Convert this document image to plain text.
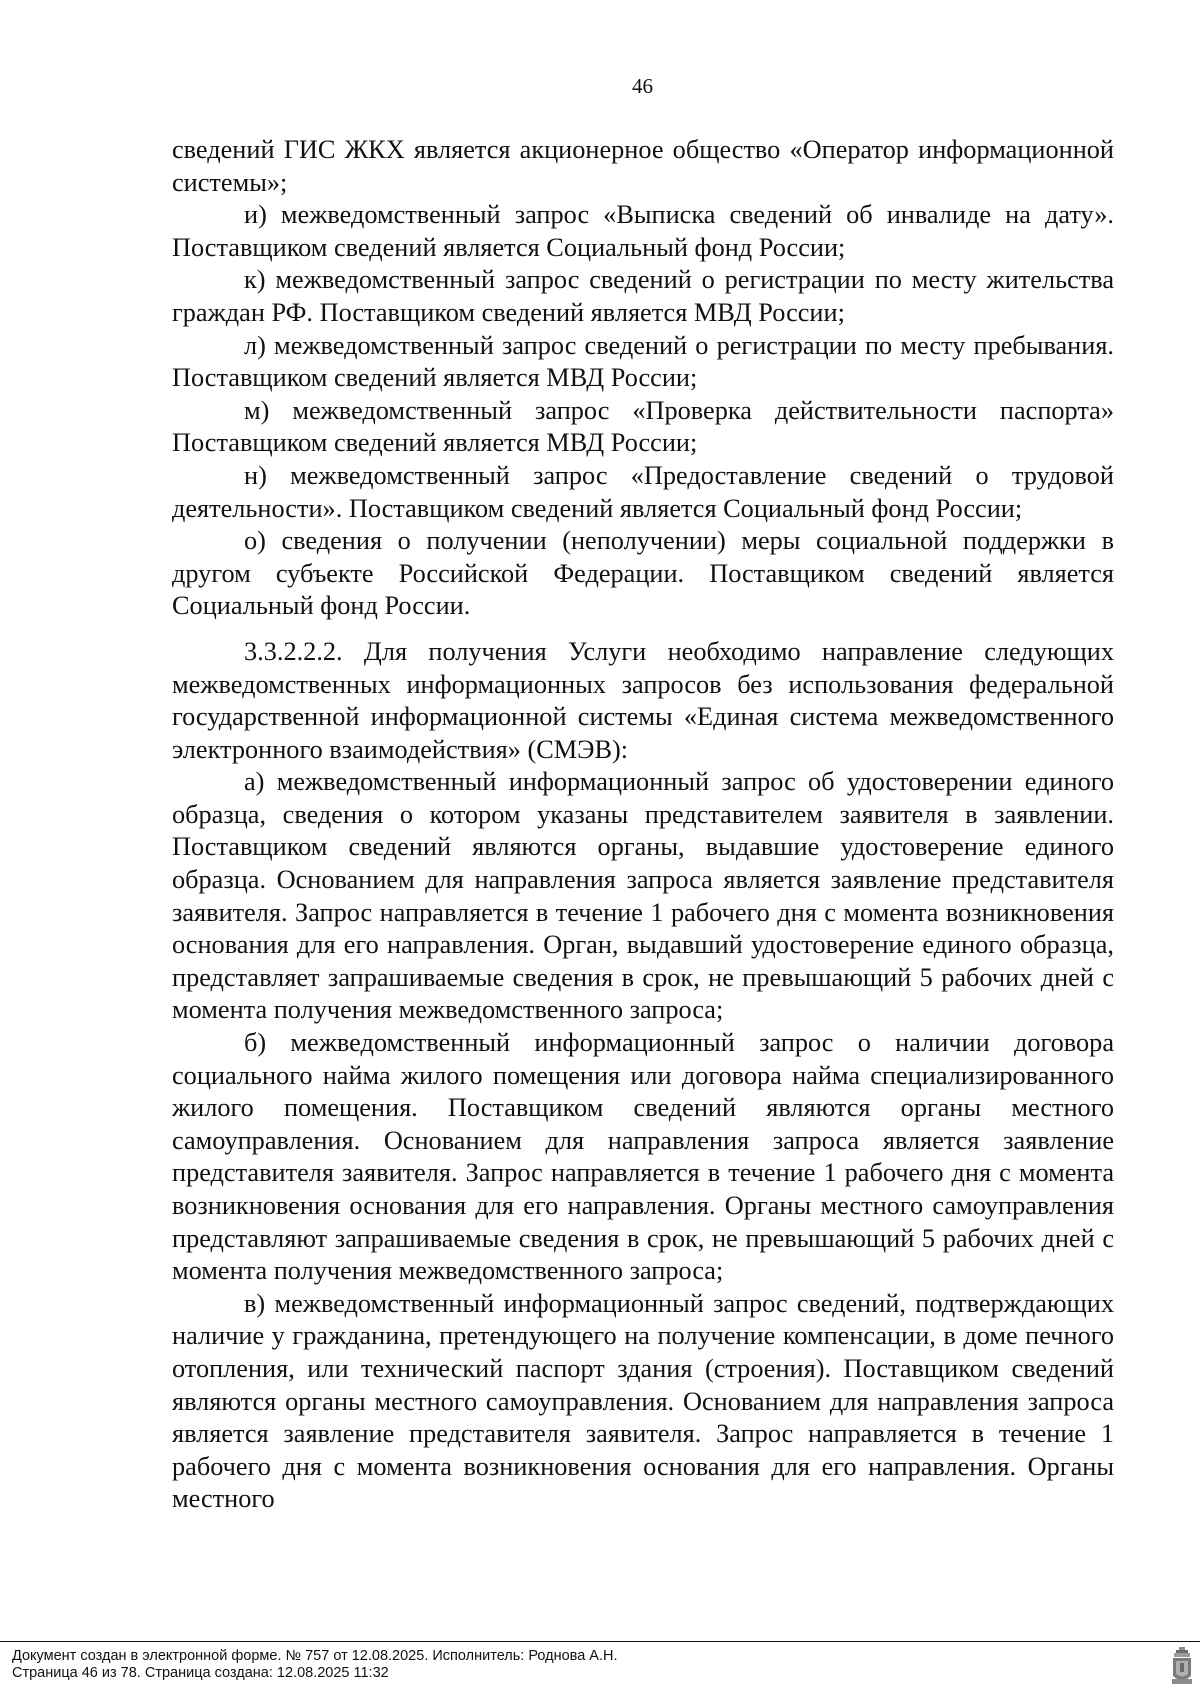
46

сведений ГИС ЖКХ является акционерное общество «Оператор информационной системы»;

и) межведомственный запрос «Выписка сведений об инвалиде на дату». Поставщиком сведений является Социальный фонд России;

к) межведомственный запрос сведений о регистрации по месту жительства граждан РФ. Поставщиком сведений является МВД России;

л) межведомственный запрос сведений о регистрации по месту пребывания. Поставщиком сведений является МВД России;

м) межведомственный запрос «Проверка действительности паспорта» Поставщиком сведений является МВД России;

н) межведомственный запрос «Предоставление сведений о трудовой деятельности». Поставщиком сведений является Социальный фонд России;

о) сведения о получении (неполучении) меры социальной поддержки в другом субъекте Российской Федерации. Поставщиком сведений является Социальный фонд России.

3.3.2.2.2. Для получения Услуги необходимо направление следующих межведомственных информационных запросов без использования федеральной государственной информационной системы «Единая система межведомственного электронного взаимодействия» (СМЭВ):

а) межведомственный информационный запрос об удостоверении единого образца, сведения о котором указаны представителем заявителя в заявлении. Поставщиком сведений являются органы, выдавшие удостоверение единого образца. Основанием для направления запроса является заявление представителя заявителя. Запрос направляется в течение 1 рабочего дня с момента возникновения основания для его направления. Орган, выдавший удостоверение единого образца, представляет запрашиваемые сведения в срок, не превышающий 5 рабочих дней с момента получения межведомственного запроса;

б) межведомственный информационный запрос о наличии договора социального найма жилого помещения или договора найма специализированного жилого помещения. Поставщиком сведений являются органы местного самоуправления. Основанием для направления запроса является заявление представителя заявителя. Запрос направляется в течение 1 рабочего дня с момента возникновения основания для его направления. Органы местного самоуправления представляют запрашиваемые сведения в срок, не превышающий 5 рабочих дней с момента получения межведомственного запроса;

в) межведомственный информационный запрос сведений, подтверждающих наличие у гражданина, претендующего на получение компенсации, в доме печного отопления, или технический паспорт здания (строения). Поставщиком сведений являются органы местного самоуправления. Основанием для направления запроса является заявление представителя заявителя. Запрос направляется в течение 1 рабочего дня с момента возникновения основания для его направления. Органы местного

Документ создан в электронной форме. № 757 от 12.08.2025. Исполнитель: Роднова А.Н.
Страница 46 из 78. Страница создана: 12.08.2025 11:32
